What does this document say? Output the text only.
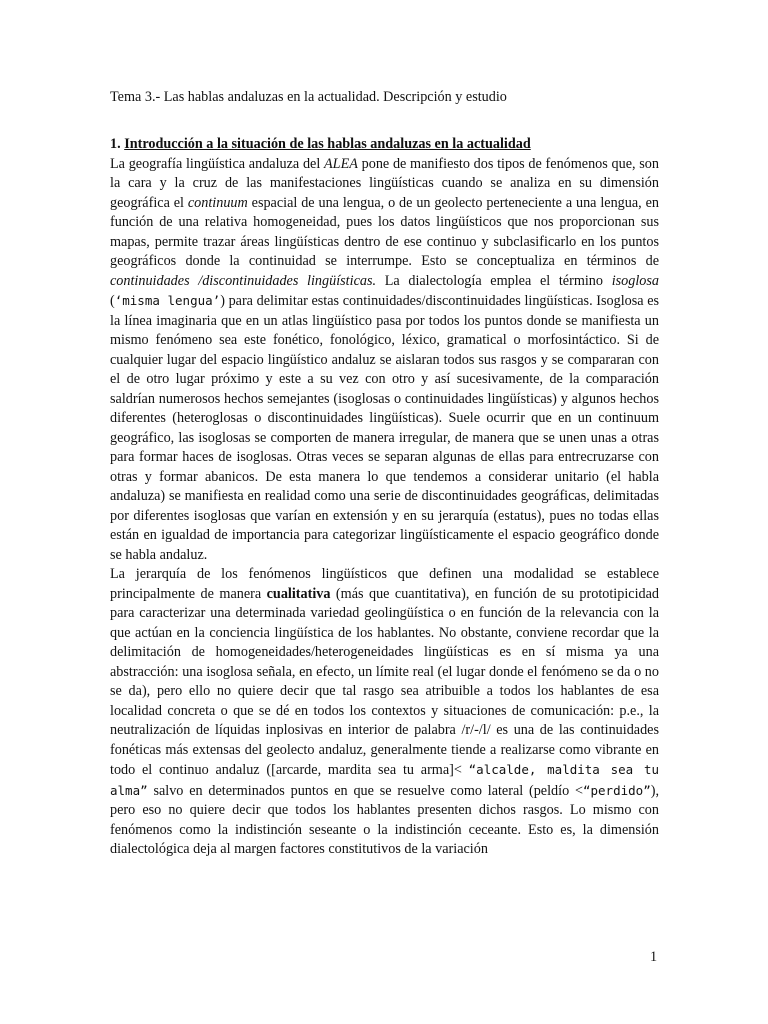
Tema 3.- Las hablas andaluzas en la actualidad. Descripción y estudio

1. Introducción a la situación de las hablas andaluzas en la actualidad

La geografía lingüística andaluza del ALEA pone de manifiesto dos tipos de fenómenos que, son la cara y la cruz de las manifestaciones lingüísticas cuando se analiza en su dimensión geográfica el continuum espacial de una lengua, o de un geolecto perteneciente a una lengua, en función de una relativa homogeneidad, pues los datos lingüísticos que nos proporcionan sus mapas, permite trazar áreas lingüísticas dentro de ese continuo y subclasificarlo en los puntos geográficos donde la continuidad se interrumpe. Esto se conceptualiza en términos de continuidades /discontinuidades lingüísticas. La dialectología emplea el término isoglosa (‘misma lengua’) para delimitar estas continuidades/discontinuidades lingüísticas. Isoglosa es la línea imaginaria que en un atlas lingüístico pasa por todos los puntos donde se manifiesta un mismo fenómeno sea este fonético, fonológico, léxico, gramatical o morfosintáctico. Si de cualquier lugar del espacio lingüístico andaluz se aislaran todos sus rasgos y se compararan con el de otro lugar próximo y este a su vez con otro y así sucesivamente, de la comparación saldrían numerosos hechos semejantes (isoglosas o continuidades lingüísticas) y algunos hechos diferentes (heteroglosas o discontinuidades lingüísticas). Suele ocurrir que en un continuum geográfico, las isoglosas se comporten de manera irregular, de manera que se unen unas a otras para formar haces de isoglosas. Otras veces se separan algunas de ellas para entrecruzarse con otras y formar abanicos. De esta manera lo que tendemos a considerar unitario (el habla andaluza) se manifiesta en realidad como una serie de discontinuidades geográficas, delimitadas por diferentes isoglosas que varían en extensión y en su jerarquía (estatus), pues no todas ellas están en igualdad de importancia para categorizar lingüísticamente el espacio geográfico donde se habla andaluz.

La jerarquía de los fenómenos lingüísticos que definen una modalidad se establece principalmente de manera cualitativa (más que cuantitativa), en función de su prototipicidad para caracterizar una determinada variedad geolingüística o en función de la relevancia con la que actúan en la conciencia lingüística de los hablantes. No obstante, conviene recordar que la delimitación de homogeneidades/heterogeneidades lingüísticas es en sí misma ya una abstracción: una isoglosa señala, en efecto, un límite real (el lugar donde el fenómeno se da o no se da), pero ello no quiere decir que tal rasgo sea atribuible a todos los hablantes de esa localidad concreta o que se dé en todos los contextos y situaciones de comunicación: p.e., la neutralización de líquidas inplosivas en interior de palabra /r/-/l/ es una de las continuidades fonéticas más extensas del geolecto andaluz, generalmente tiende a realizarse como vibrante en todo el continuo andaluz ([arcarde, mardita sea tu arma]< “alcalde, maldita sea tu alma” salvo en determinados puntos en que se resuelve como lateral (peldío <“perdido”), pero eso no quiere decir que todos los hablantes presenten dichos rasgos. Lo mismo con fenómenos como la indistinción seseante o la indistinción ceceante. Esto es, la dimensión dialectológica deja al margen factores constitutivos de la variación

1
